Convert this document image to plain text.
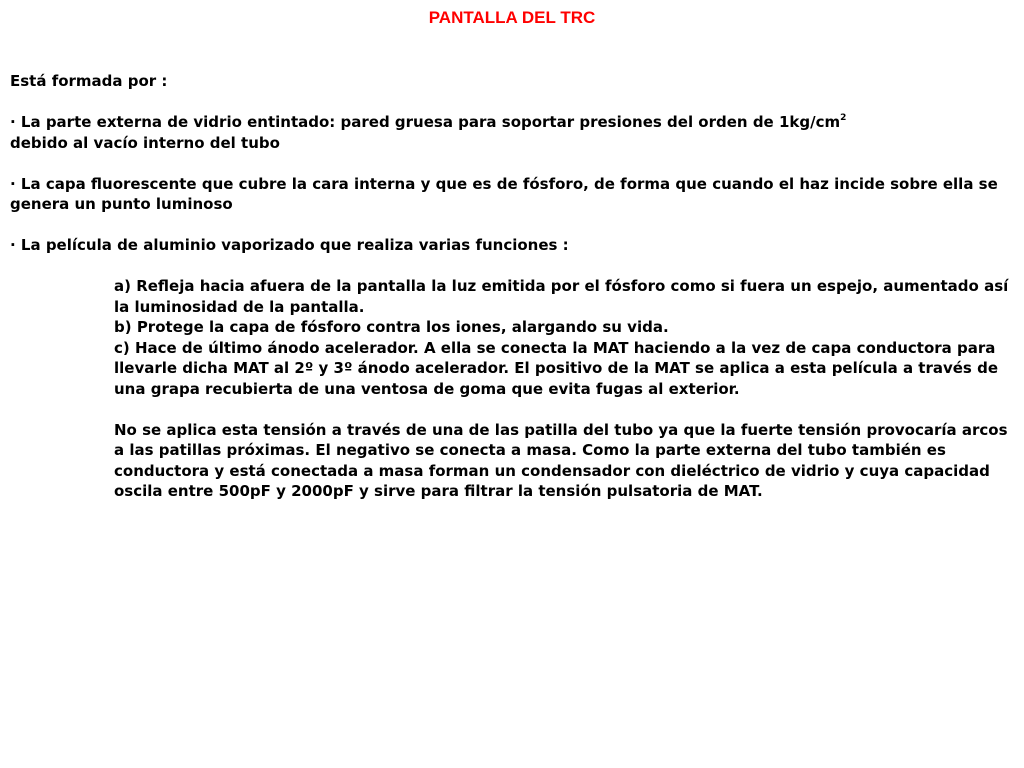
PANTALLA DEL TRC

Está formada por :

· La parte externa de vidrio entintado: pared gruesa para soportar presiones del orden de $1kg/cm^2$
debido al vacío interno del tubo

· La capa fluorescente que cubre la cara interna y que es de fósforo, de forma que cuando el haz incide sobre ella se genera un punto luminoso

· La película de aluminio vaporizado que realiza varias funciones :

a) Refleja hacia afuera de la pantalla la luz emitida por el fósforo como si fuera un espejo, aumentado así la luminosidad de la pantalla.

b) Protege la capa de fósforo contra los iones, alargando su vida.

c) Hace de último ánodo acelerador. A ella se conecta la MAT haciendo a la vez de capa conductora para llevarle dicha MAT al 2º y 3º ánodo acelerador. El positivo de la MAT se aplica a esta película a través de una grapa recubierta de una ventosa de goma que evita fugas al exterior.

No se aplica esta tensión a través de una de las patilla del tubo ya que la fuerte tensión provocaría arcos a las patillas próximas. El negativo se conecta a masa. Como la parte externa del tubo también es conductora y está conectada a masa forman un condensador con dieléctrico de vidrio y cuya capacidad oscila entre 500pF y 2000pF y sirve para filtrar la tensión pulsatoria de MAT.
